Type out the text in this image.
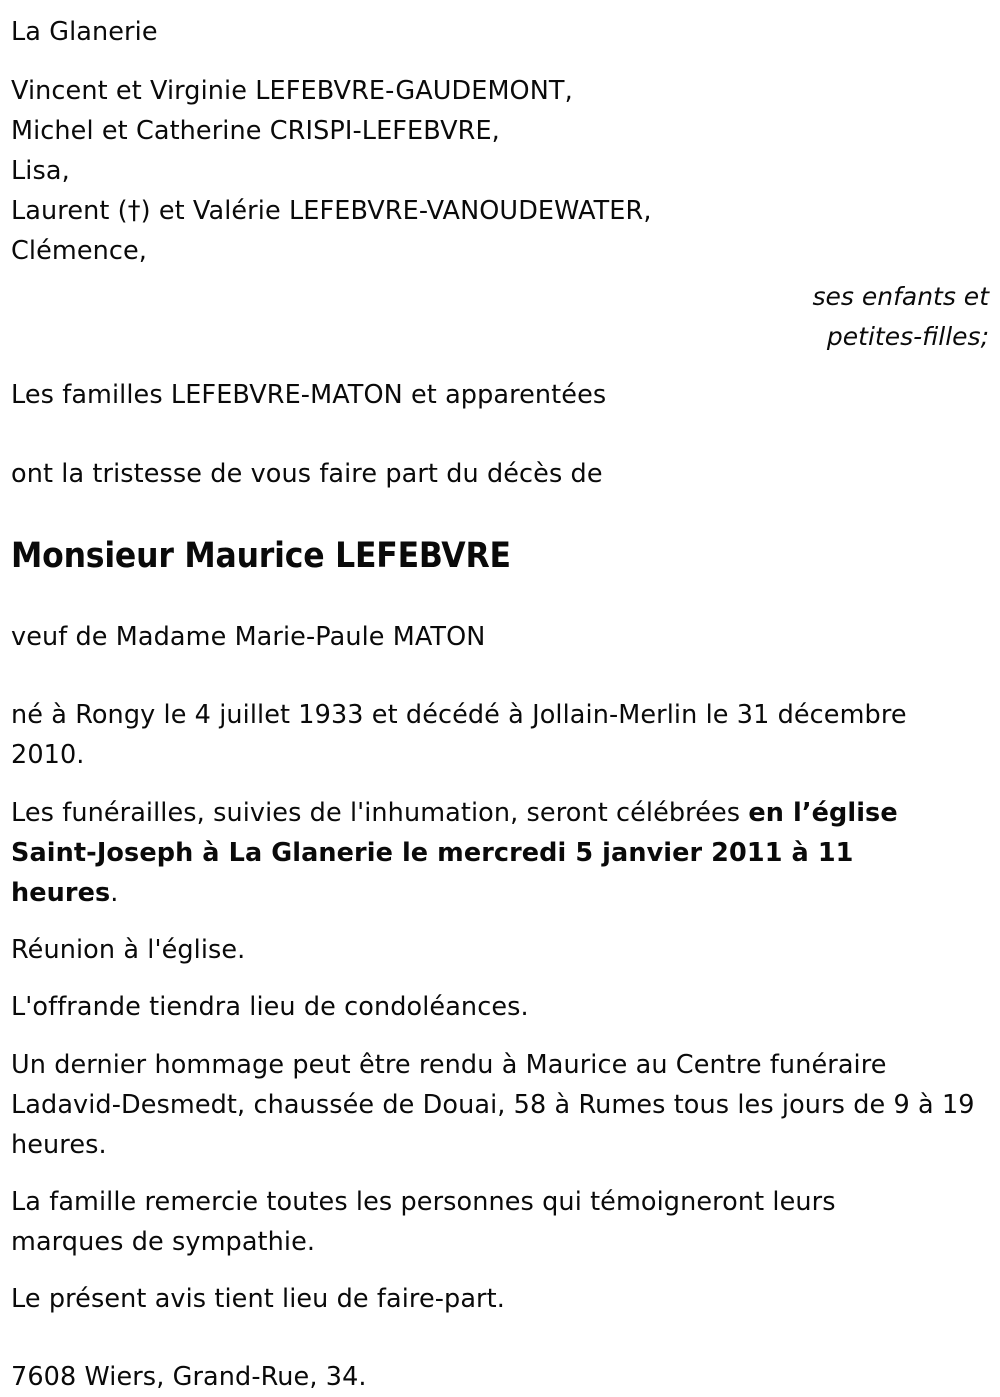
La Glanerie
Vincent et Virginie LEFEBVRE-GAUDEMONT,
Michel et Catherine CRISPI-LEFEBVRE,
Lisa,
Laurent (†) et Valérie LEFEBVRE-VANOUDEWATER,
Clémence,
ses enfants et
petites-filles;
Les familles LEFEBVRE-MATON et apparentées
ont la tristesse de vous faire part du décès de
Monsieur Maurice LEFEBVRE
veuf de Madame Marie-Paule MATON
né à Rongy le 4 juillet 1933 et décédé à Jollain-Merlin le 31 décembre 2010.
Les funérailles, suivies de l'inhumation, seront célébrées en l’église Saint-Joseph à La Glanerie le mercredi 5 janvier 2011 à 11 heures.
Réunion à l'église.
L'offrande tiendra lieu de condoléances.
Un dernier hommage peut être rendu à Maurice au Centre funéraire Ladavid-Desmedt, chaussée de Douai, 58 à Rumes tous les jours de 9 à 19 heures.
La famille remercie toutes les personnes qui témoigneront leurs marques de sympathie.
Le présent avis tient lieu de faire-part.
7608 Wiers, Grand-Rue, 34.
